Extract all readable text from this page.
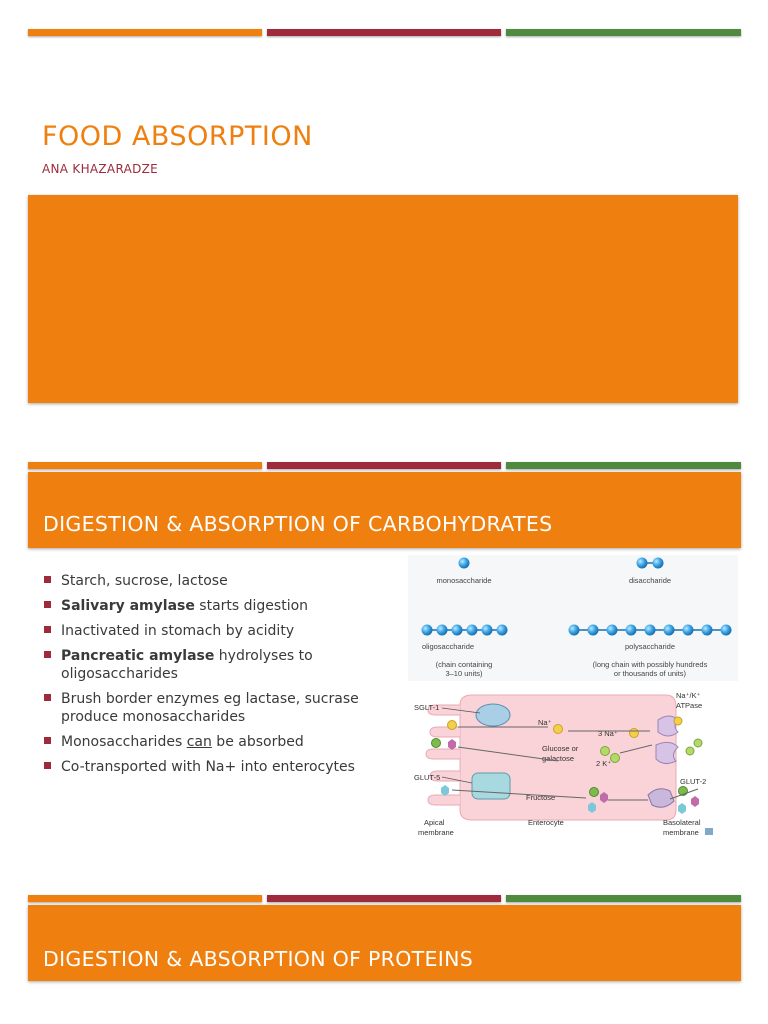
FOOD ABSORPTION
ANA KHAZARADZE
DIGESTION & ABSORPTION OF CARBOHYDRATES
Starch, sucrose, lactose
Salivary amylase starts digestion
Inactivated in stomach by acidity
Pancreatic amylase hydrolyses to oligosaccharides
Brush border enzymes eg lactase, sucrase produce monosaccharides
Monosaccharides can be absorbed
Co-transported with Na+ into enterocytes
monosaccharide	disaccharide
oligosaccharide
(chain containing
3–10 units)
polysaccharide
(long chain with possibly hundreds
or thousands of units)
SGLT-1
GLUT-5
Na⁺/K⁺
ATPase
GLUT-2
Na⁺
3 Na⁺
2 K⁺
Glucose or
galactose
Fructose
Apical
membrane
Enterocyte	Basolateral
membrane
DIGESTION & ABSORPTION OF PROTEINS
